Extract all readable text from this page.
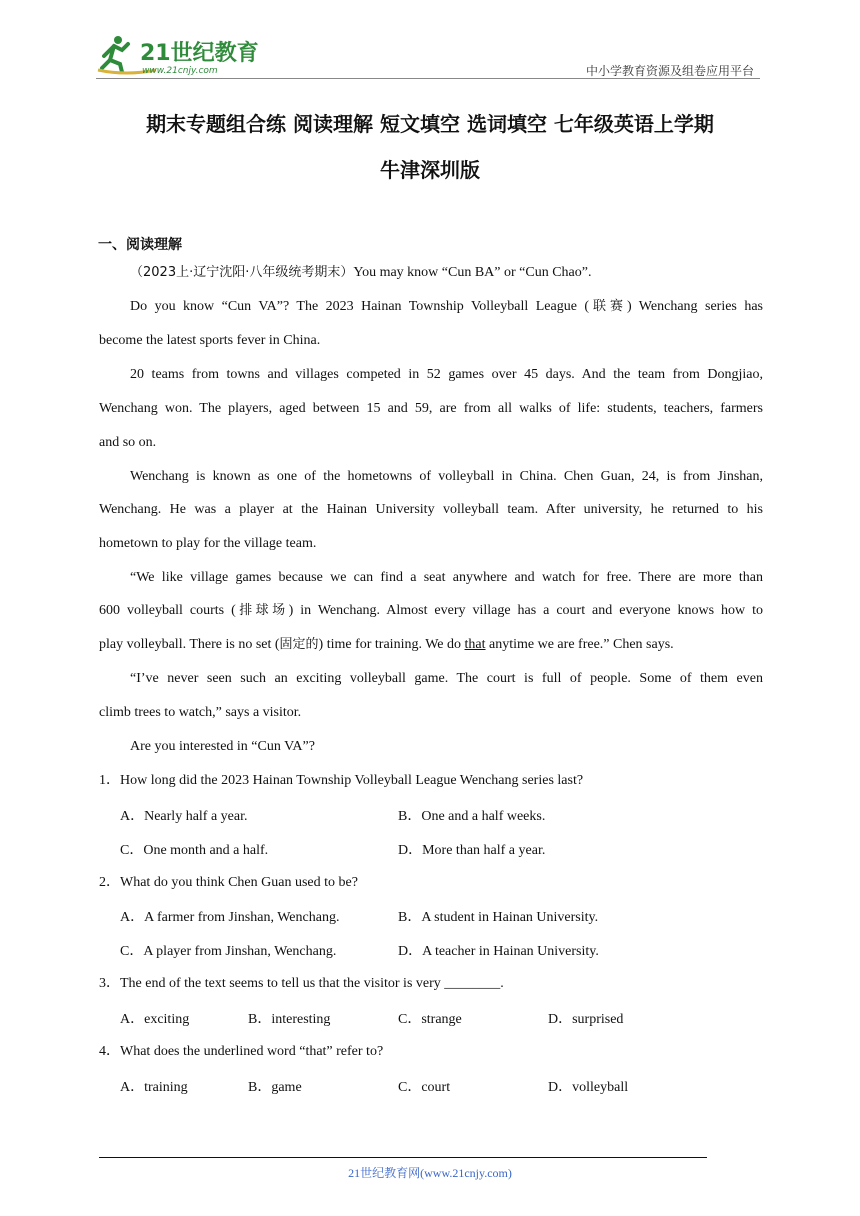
21世纪教育
www.21cnjy.com	中小学教育资源及组卷应用平台
期末专题组合练 阅读理解 短文填空 选词填空 七年级英语上学期
牛津深圳版
一、阅读理解
（2023上·辽宁沈阳·八年级统考期末）You may know “Cun BA” or “Cun Chao”.
Do you know “Cun VA”? The 2023 Hainan Township Volleyball League (联赛) Wenchang series has
become the latest sports fever in China.
20 teams from towns and villages competed in 52 games over 45 days. And the team from Dongjiao,
Wenchang won. The players, aged between 15 and 59, are from all walks of life: students, teachers, farmers
and so on.
Wenchang is known as one of the hometowns of volleyball in China. Chen Guan, 24, is from Jinshan,
Wenchang. He was a player at the Hainan University volleyball team. After university, he returned to his
hometown to play for the village team.
“We like village games because we can find a seat anywhere and watch for free. There are more than
600 volleyball courts (排球场) in Wenchang. Almost every village has a court and everyone knows how to
play volleyball. There is no set (固定的) time for training. We do that anytime we are free.” Chen says.
“I’ve never seen such an exciting volleyball game. The court is full of people. Some of them even
climb trees to watch,” says a visitor.
Are you interested in “Cun VA”?
1．How long did the 2023 Hainan Township Volleyball League Wenchang series last?
A．Nearly half a year.	B．One and a half weeks.
C．One month and a half.	D．More than half a year.
2．What do you think Chen Guan used to be?
A．A farmer from Jinshan, Wenchang.	B．A student in Hainan University.
C．A player from Jinshan, Wenchang.	D．A teacher in Hainan University.
3．The end of the text seems to tell us that the visitor is very ________.
A．exciting	B．interesting	C．strange	D．surprised
4．What does the underlined word “that” refer to?
A．training	B．game	C．court	D．volleyball
21世纪教育网(www.21cnjy.com)
